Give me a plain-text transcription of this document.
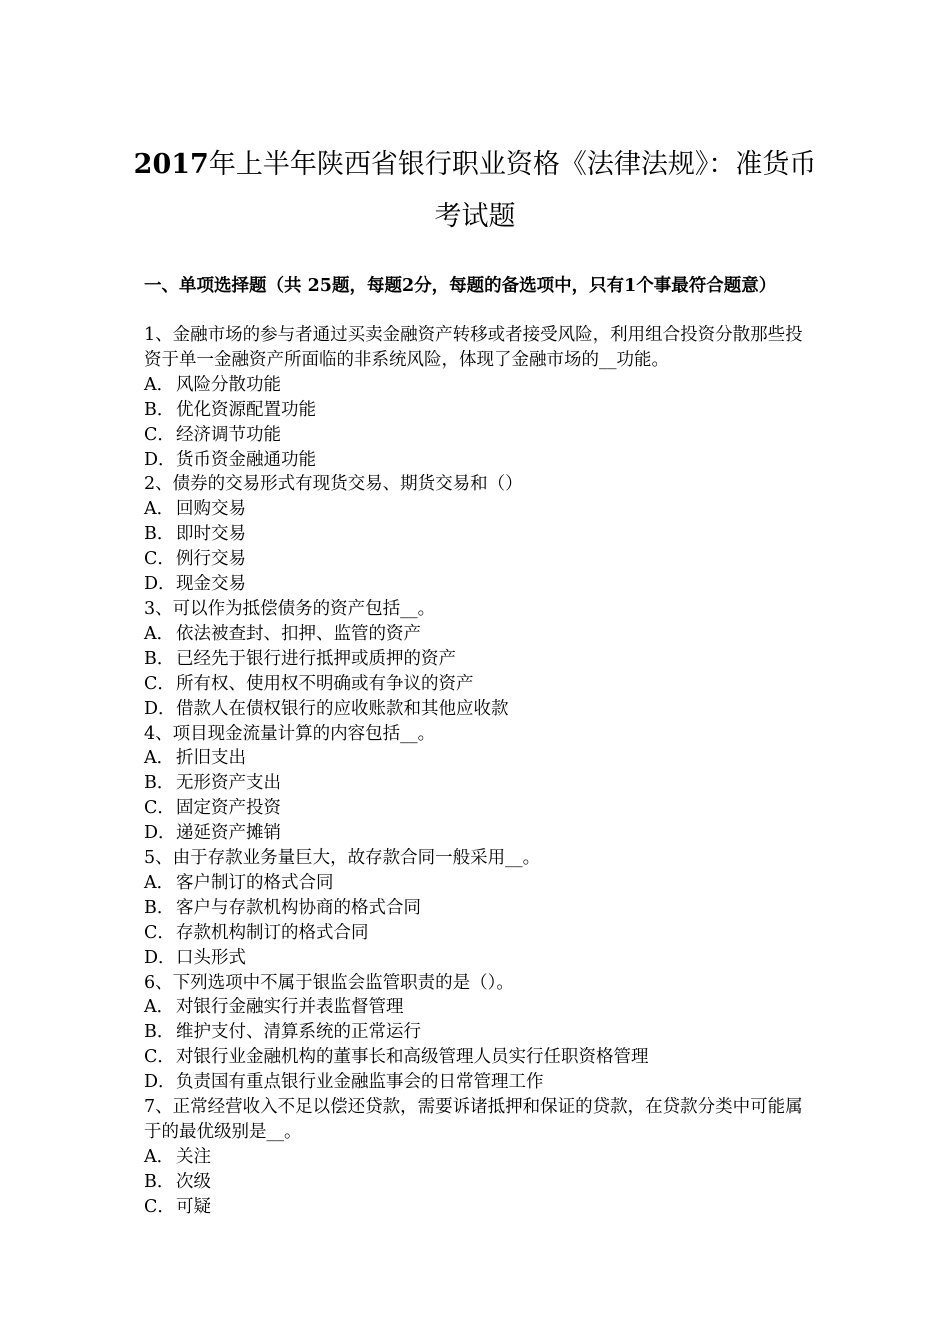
2017年上半年陕西省银行职业资格《法律法规》：准货币
考试题

一、单项选择题（共 25题，每题2分，每题的备选项中，只有1个事最符合题意）

1、金融市场的参与者通过买卖金融资产转移或者接受风险，利用组合投资分散那些投资于单一金融资产所面临的非系统风险，体现了金融市场的__功能。

A． 风险分散功能
B．优化资源配置功能
C．经济调节功能
D．货币资金融通功能

2、债券的交易形式有现货交易、期货交易和（）

A． 回购交易
B．即时交易
C．例行交易
D．现金交易

3、可以作为抵偿债务的资产包括__。

A． 依法被查封、扣押、监管的资产
B．已经先于银行进行抵押或质押的资产
C．所有权、使用权不明确或有争议的资产
D．借款人在债权银行的应收账款和其他应收款

4、项目现金流量计算的内容包括__。

A． 折旧支出
B．无形资产支出
C．固定资产投资
D．递延资产摊销

5、由于存款业务量巨大，故存款合同一般采用__。

A． 客户制订的格式合同
B．客户与存款机构协商的格式合同
C．存款机构制订的格式合同
D．口头形式

6、下列选项中不属于银监会监管职责的是（）。

A． 对银行金融实行并表监督管理
B．维护支付、清算系统的正常运行
C．对银行业金融机构的董事长和高级管理人员实行任职资格管理
D．负责国有重点银行业金融监事会的日常管理工作

7、正常经营收入不足以偿还贷款，需要诉诸抵押和保证的贷款，在贷款分类中可能属于的最优级别是__。

A． 关注
B．次级
C．可疑
